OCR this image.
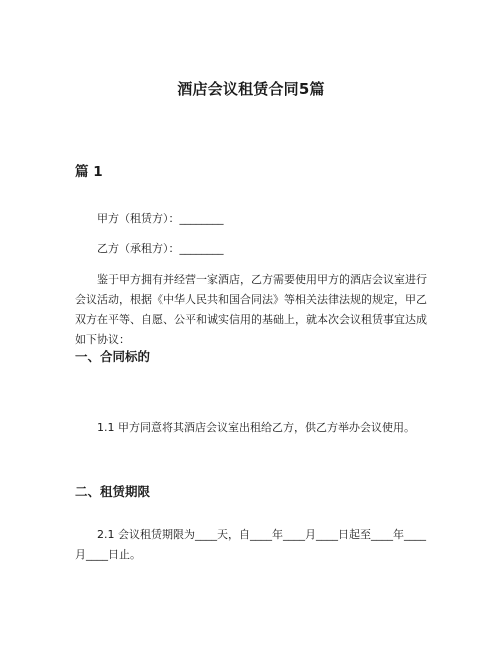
酒店会议租赁合同5篇
篇 1
甲方（租赁方）：________
乙方（承租方）：________

鉴于甲方拥有并经营一家酒店，乙方需要使用甲方的酒店会议室进行会议活动，根据《中华人民共和国合同法》等相关法律法规的规定，甲乙双方在平等、自愿、公平和诚实信用的基础上，就本次会议租赁事宜达成如下协议：

一、合同标的

1.1 甲方同意将其酒店会议室出租给乙方，供乙方举办会议使用。

二、租赁期限

2.1 会议租赁期限为____天，自____年____月____日起至____年____月____日止。
